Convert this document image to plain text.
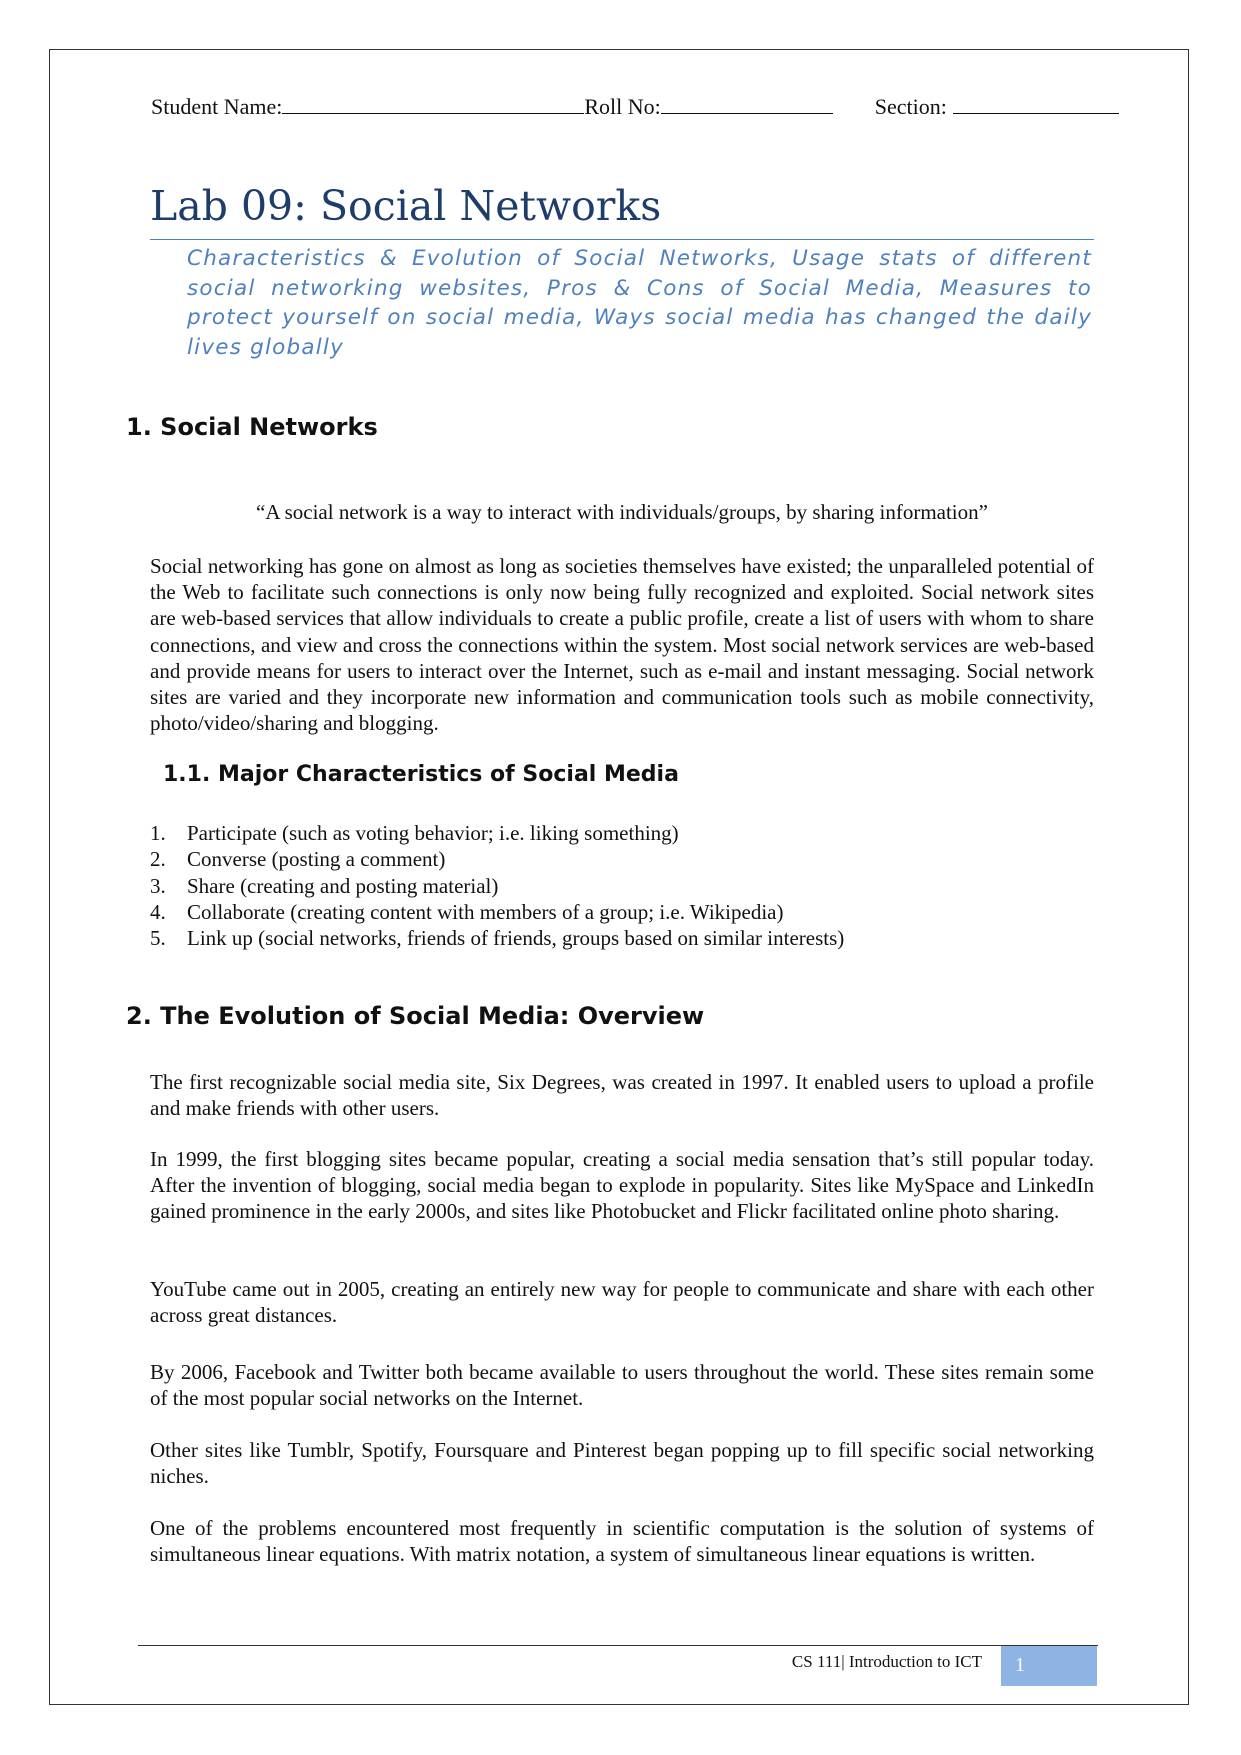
Student Name:	Roll No:	Section:
Lab 09: Social Networks

Characteristics & Evolution of Social Networks, Usage stats of different social networking websites, Pros & Cons of Social Media, Measures to protect yourself on social media, Ways social media has changed the daily lives globally

1. Social Networks
“A social network is a way to interact with individuals/groups, by sharing information”

Social networking has gone on almost as long as societies themselves have existed; the unparalleled potential of the Web to facilitate such connections is only now being fully recognized and exploited. Social network sites are web-based services that allow individuals to create a public profile, create a list of users with whom to share connections, and view and cross the connections within the system. Most social network services are web-based and provide means for users to interact over the Internet, such as e-mail and instant messaging. Social network sites are varied and they incorporate new information and communication tools such as mobile connectivity, photo/video/sharing and blogging.

1.1. Major Characteristics of Social Media
1. Participate (such as voting behavior; i.e. liking something)
2. Converse (posting a comment)
3. Share (creating and posting material)
4. Collaborate (creating content with members of a group; i.e. Wikipedia)
5. Link up (social networks, friends of friends, groups based on similar interests)
2. The Evolution of Social Media: Overview

The first recognizable social media site, Six Degrees, was created in 1997. It enabled users to upload a profile and make friends with other users.

In 1999, the first blogging sites became popular, creating a social media sensation that’s still popular today. After the invention of blogging, social media began to explode in popularity. Sites like MySpace and LinkedIn gained prominence in the early 2000s, and sites like Photobucket and Flickr facilitated online photo sharing.

YouTube came out in 2005, creating an entirely new way for people to communicate and share with each other across great distances.

By 2006, Facebook and Twitter both became available to users throughout the world. These sites remain some of the most popular social networks on the Internet.

Other sites like Tumblr, Spotify, Foursquare and Pinterest began popping up to fill specific social networking niches.

One of the problems encountered most frequently in scientific computation is the solution of systems of simultaneous linear equations. With matrix notation, a system of simultaneous linear equations is written.

CS 111| Introduction to ICT	1
